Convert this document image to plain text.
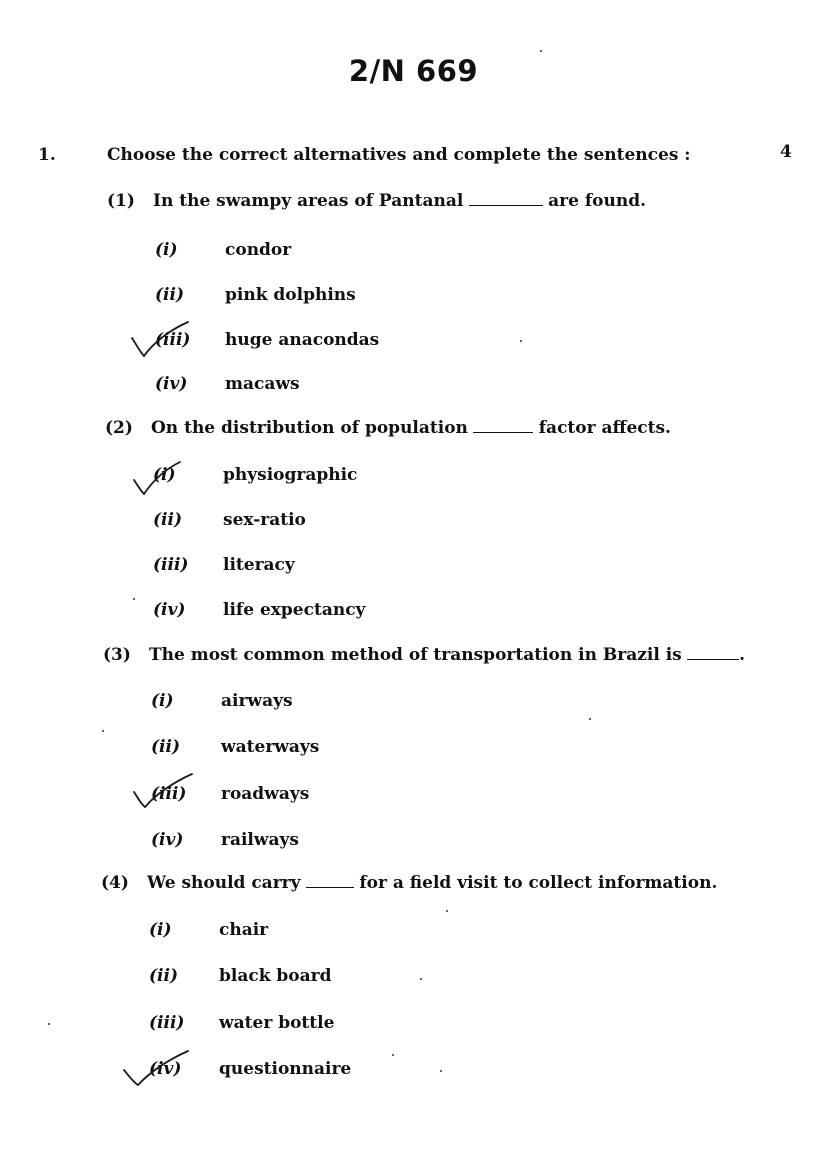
2/N 669
1.	Choose the correct alternatives and complete the sentences :	4
(1) In the swampy areas of Pantanal	are found.
(i)	condor
(ii) pink dolphins
(iii) huge anacondas
(iv) macaws
(2) On the distribution of population	factor affects.
(i)	physiographic
(ii) sex-ratio
(iii) literacy
(iv) life expectancy
(3) The most common method of transportation in Brazil is	.
(i)	airways
(ii) waterways
(iii) roadways
(iv) railways
(4) We should carry	for a field visit to collect information.
(i)	chair
(ii) black board
(iii) water bottle
(iv) questionnaire
